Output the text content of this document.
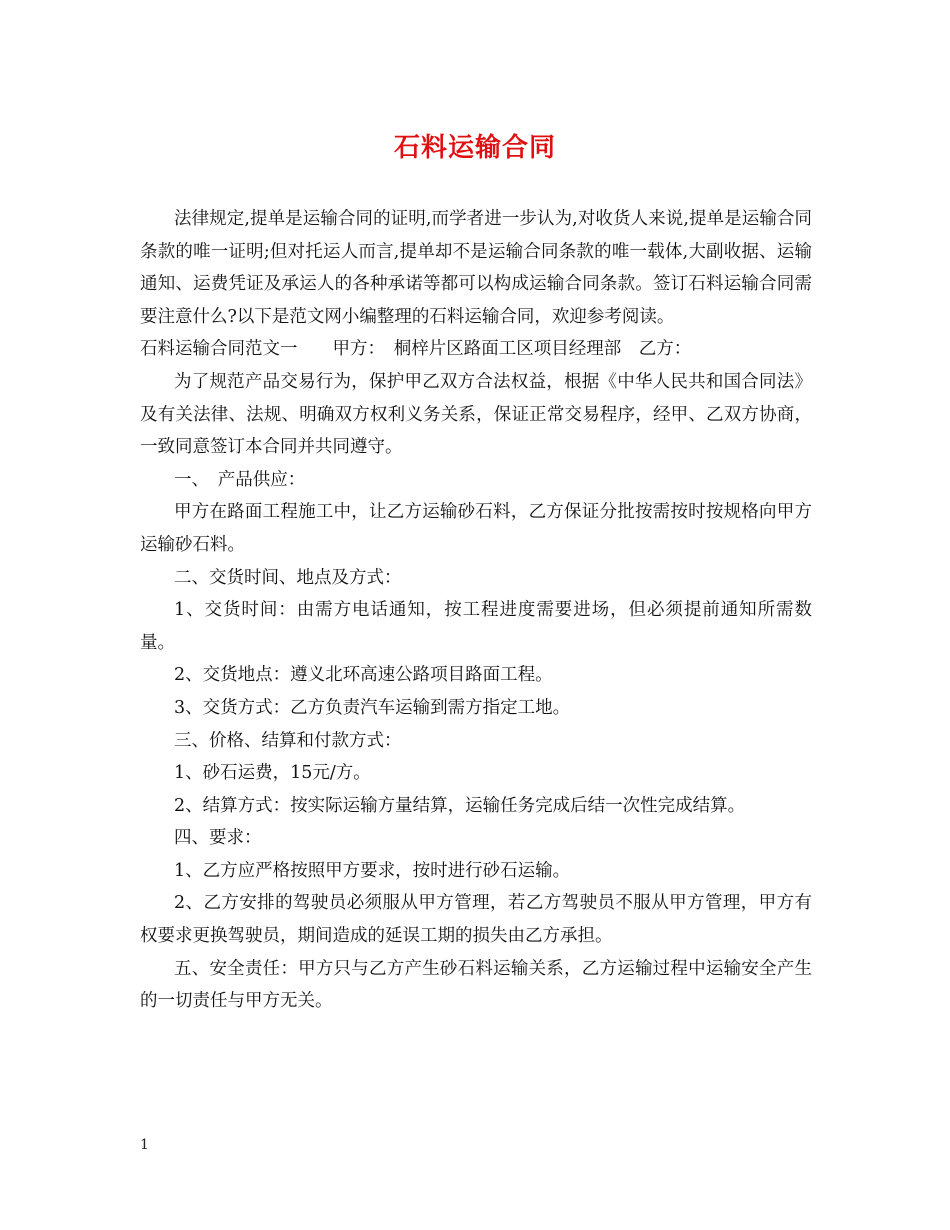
石料运输合同

法律规定,提单是运输合同的证明,而学者进一步认为,对收货人来说,提单是运输合同条款的唯一证明;但对托运人而言,提单却不是运输合同条款的唯一载体,大副收据、运输通知、运费凭证及承运人的各种承诺等都可以构成运输合同条款。签订石料运输合同需要注意什么?以下是范文网小编整理的石料运输合同，欢迎参考阅读。

石料运输合同范文一　　甲方：　桐梓片区路面工区项目经理部　乙方：

为了规范产品交易行为，保护甲乙双方合法权益，根据《中华人民共和国合同法》及有关法律、法规、明确双方权利义务关系，保证正常交易程序，经甲、乙双方协商，一致同意签订本合同并共同遵守。

一、　产品供应：

甲方在路面工程施工中，让乙方运输砂石料，乙方保证分批按需按时按规格向甲方运输砂石料。

二、交货时间、地点及方式：

1、交货时间：由需方电话通知，按工程进度需要进场，但必须提前通知所需数量。

2、交货地点：遵义北环高速公路项目路面工程。

3、交货方式：乙方负责汽车运输到需方指定工地。

三、价格、结算和付款方式：

1、砂石运费，15元/方。

2、结算方式：按实际运输方量结算，运输任务完成后结一次性完成结算。

四、要求：

1、乙方应严格按照甲方要求，按时进行砂石运输。

2、乙方安排的驾驶员必须服从甲方管理，若乙方驾驶员不服从甲方管理，甲方有权要求更换驾驶员，期间造成的延误工期的损失由乙方承担。

五、安全责任：甲方只与乙方产生砂石料运输关系，乙方运输过程中运输安全产生的一切责任与甲方无关。

1
